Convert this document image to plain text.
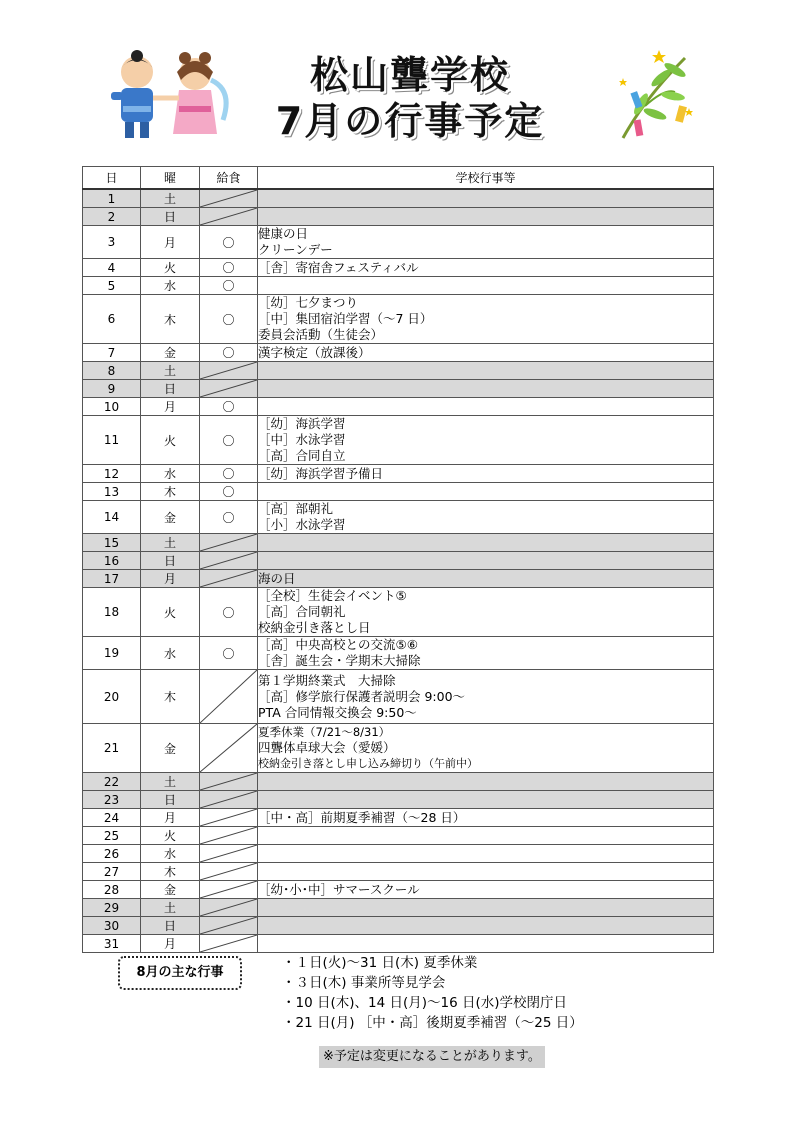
松山聾学校
7月の行事予定
日	曜	給食	学校行事等
1	土	

2	日	

3	月	〇	健康の日
クリーンデー

4	火	〇	［舎］寄宿舎フェスティバル

5	水	〇	
6	木	〇	［幼］七夕まつり
［中］集団宿泊学習（～7 日）
委員会活動（生徒会）

7	金	〇	漢字検定（放課後）

8	土	

9	日	

10	月	〇	
11	火	〇	［幼］海浜学習
［中］水泳学習
［高］合同自立

12	水	〇	［幼］海浜学習予備日

13	木	〇	
14	金	〇	［高］部朝礼
［小］水泳学習

15	土	

16	日	

17	月		海の日

18	火	〇	［全校］生徒会イベント⑤
［高］合同朝礼
校納金引き落とし日

19	水	〇	［高］中央高校との交流⑤⑥
［舎］誕生会・学期末大掃除

20	木		第１学期終業式　大掃除
［高］修学旅行保護者説明会 9:00～
PTA 合同情報交換会 9:50～

21	金		夏季休業（7/21～8/31）
四聾体卓球大会（愛媛）
校納金引き落とし申し込み締切り（午前中）

22	土	

23	日	

24	月		［中・高］前期夏季補習（～28 日）

25	火	

26	水	

27	木	

28	金		［幼･小･中］サマースクール

29	土	

30	日	

31	月	

8月の主な行事
・１日(火)～31 日(木) 夏季休業
・３日(木) 事業所等見学会
・10 日(木)、14 日(月)～16 日(水)学校閉庁日
・21 日(月) ［中・高］後期夏季補習（～25 日）
※予定は変更になることがあります。
